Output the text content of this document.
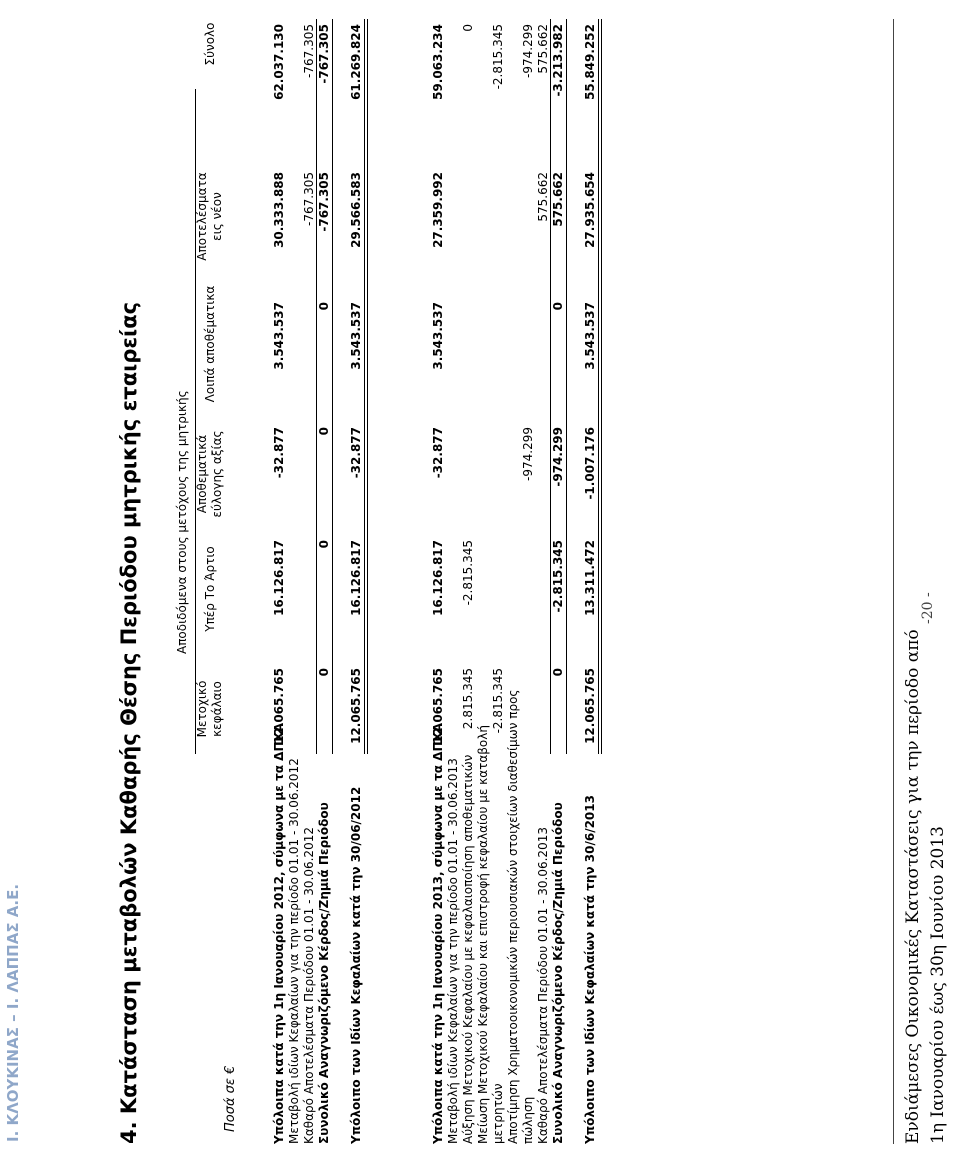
Ι. ΚΛΟΥΚΙΝΑΣ – Ι. ΛΑΠΠΑΣ Α.Ε.	4. Κατάσταση μεταβολών Καθαρής Θέσης Περιόδου μητρικής εταιρείας	Ποσά σε €
Αποδιδόμενα στους μετόχους της μητρικής
Μετοχικό κεφάλαιο
Υπέρ Το Άρτιο
Αποθεματικά εύλογης αξίας
Λοιπά αποθέματικα
Αποτελέσματα εις νέον
Σύνολο
Υπόλοιπα κατά την 1η Ιανουαρίου 2012, σύμφωνα με τα ΔΠΧΑ
12.065.765
16.126.817
-32.877
3.543.537
30.333.888
62.037.130
Μεταβολή ιδίων Κεφαλαίων για την περίοδο 01.01 - 30.06.2012 Καθαρό Αποτελέσματα Περιόδου 01.01 - 30.06.2012
-767.305
-767.305
Συνολικό Αναγνωριζόμενο Κέρδος/Ζημιά Περιόδου
0
0
0
0
-767.305
-767.305
Υπόλοιπο των Ιδίων Κεφαλαίων κατά την 30/06/2012
12.065.765
16.126.817
-32.877
3.543.537
29.566.583
61.269.824
Υπόλοιπα κατά την 1η Ιανουαρίου 2013, σύμφωνα με τα ΔΠΧΑ
12.065.765
16.126.817
-32.877
3.543.537
27.359.992
59.063.234
Μεταβολή ιδίων Κεφαλαίων για την περίοδο 01.01 - 30.06.2013 Αύξηση Μετοχικού Κεφαλαίου με κεφαλαιοποίηση αποθεματικών
2.815.345
-2.815.345
0
Μείωση Μετοχικού Κεφαλαίου και επιστροφή κεφαλαίου με καταβολή μετρητών
-2.815.345
-2.815.345
Αποτίμηση Χρηματοοικονομικών περιουσιακών στοιχείων διαθεσίμων προς πώληση
-974.299
-974.299
Καθαρό Αποτελέσματα Περιόδου 01.01 - 30.06.2013
575.662
575.662
Συνολικό Αναγνωριζόμενο Κέρδος/Ζημιά Περιόδου
0
-2.815.345
-974.299
0
575.662
-3.213.982
Υπόλοιπο των Ιδίων Κεφαλαίων κατά την 30/6/2013
12.065.765
13.311.472
-1.007.176
3.543.537
27.935.654
55.849.252
Ενδιάμεσες Οικονομικές Καταστάσεις για την περίοδο από 1η Ιανουαρίου έως 30η Ιουνίου 2013
-20 -
